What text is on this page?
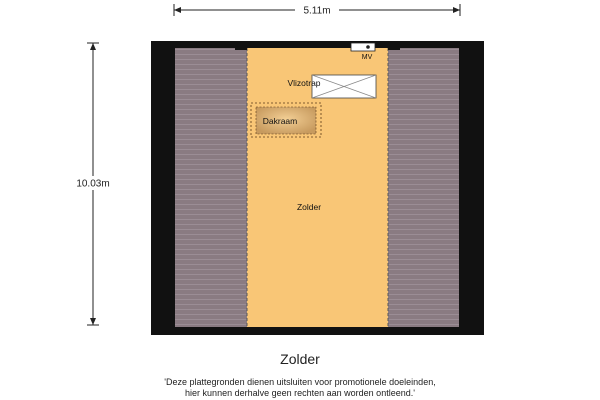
5.11m
10.03m
MV
Vlizotrap
Dakraam
Zolder
Zolder
'Deze plattegronden dienen uitsluiten voor promotionele doeleinden,
hier kunnen derhalve geen rechten aan worden ontleend.'
